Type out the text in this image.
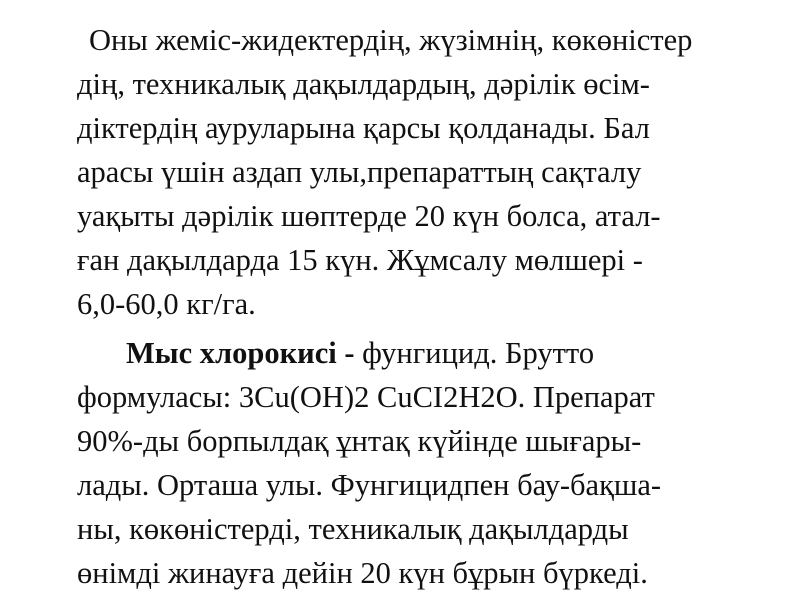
Оны жеміс-жидектердің, жүзімнің, көкөністер
дің, техникалық дақылдардың, дәрілік өсім-
діктердің ауруларына қарсы қолданады. Бал
арасы үшін аздап улы,препараттың сақталу
уақыты дәрілік шөптерде 20 күн болса, атал-
ған дақылдарда 15 күн. Жұмсалу мөлшері -
6,0-60,0 кг/га.
Мыс хлорокисі - фунгицид. Брутто
формуласы: 3Cu(OH)2 CuCI2H2O. Препарат
90%-ды борпылдақ ұнтақ күйінде шығары-
лады. Орташа улы. Фунгицидпен бау-бақша-
ны, көкөністерді, техникалық дақылдарды
өнімді жинауға дейін 20 күн бұрын бүркеді.
